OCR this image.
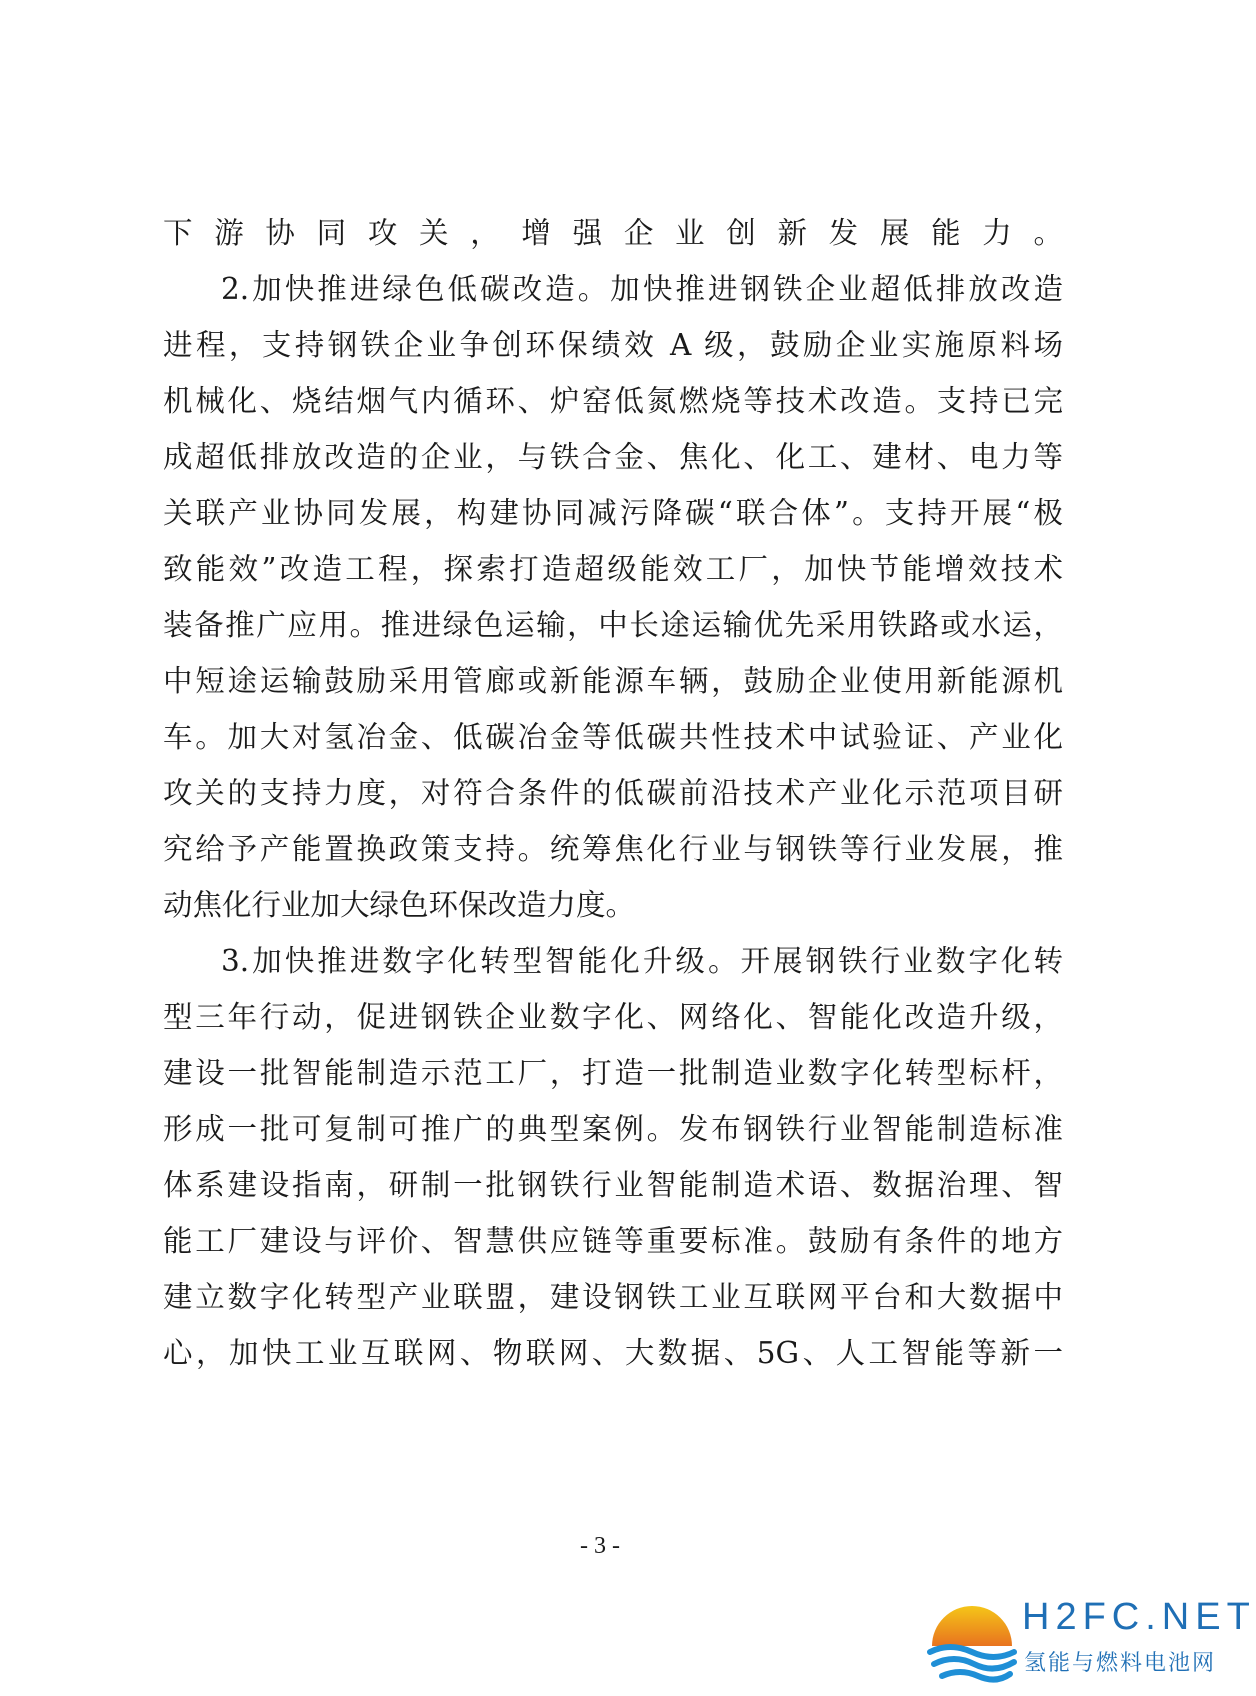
下游协同攻关，增强企业创新发展能力。
2.加快推进绿色低碳改造。加快推进钢铁企业超低排放改造
进程，支持钢铁企业争创环保绩效 A 级，鼓励企业实施原料场
机械化、烧结烟气内循环、炉窑低氮燃烧等技术改造。支持已完
成超低排放改造的企业，与铁合金、焦化、化工、建材、电力等
关联产业协同发展，构建协同减污降碳“联合体”。支持开展“极
致能效”改造工程，探索打造超级能效工厂，加快节能增效技术
装备推广应用。推进绿色运输，中长途运输优先采用铁路或水运，
中短途运输鼓励采用管廊或新能源车辆，鼓励企业使用新能源机
车。加大对氢冶金、低碳冶金等低碳共性技术中试验证、产业化
攻关的支持力度，对符合条件的低碳前沿技术产业化示范项目研
究给予产能置换政策支持。统筹焦化行业与钢铁等行业发展，推
动焦化行业加大绿色环保改造力度。
3.加快推进数字化转型智能化升级。开展钢铁行业数字化转
型三年行动，促进钢铁企业数字化、网络化、智能化改造升级，
建设一批智能制造示范工厂，打造一批制造业数字化转型标杆，
形成一批可复制可推广的典型案例。发布钢铁行业智能制造标准
体系建设指南，研制一批钢铁行业智能制造术语、数据治理、智
能工厂建设与评价、智慧供应链等重要标准。鼓励有条件的地方
建立数字化转型产业联盟，建设钢铁工业互联网平台和大数据中
心，加快工业互联网、物联网、大数据、5G、人工智能等新一
- 3 -
H2FC.NET
氢能与燃料电池网
